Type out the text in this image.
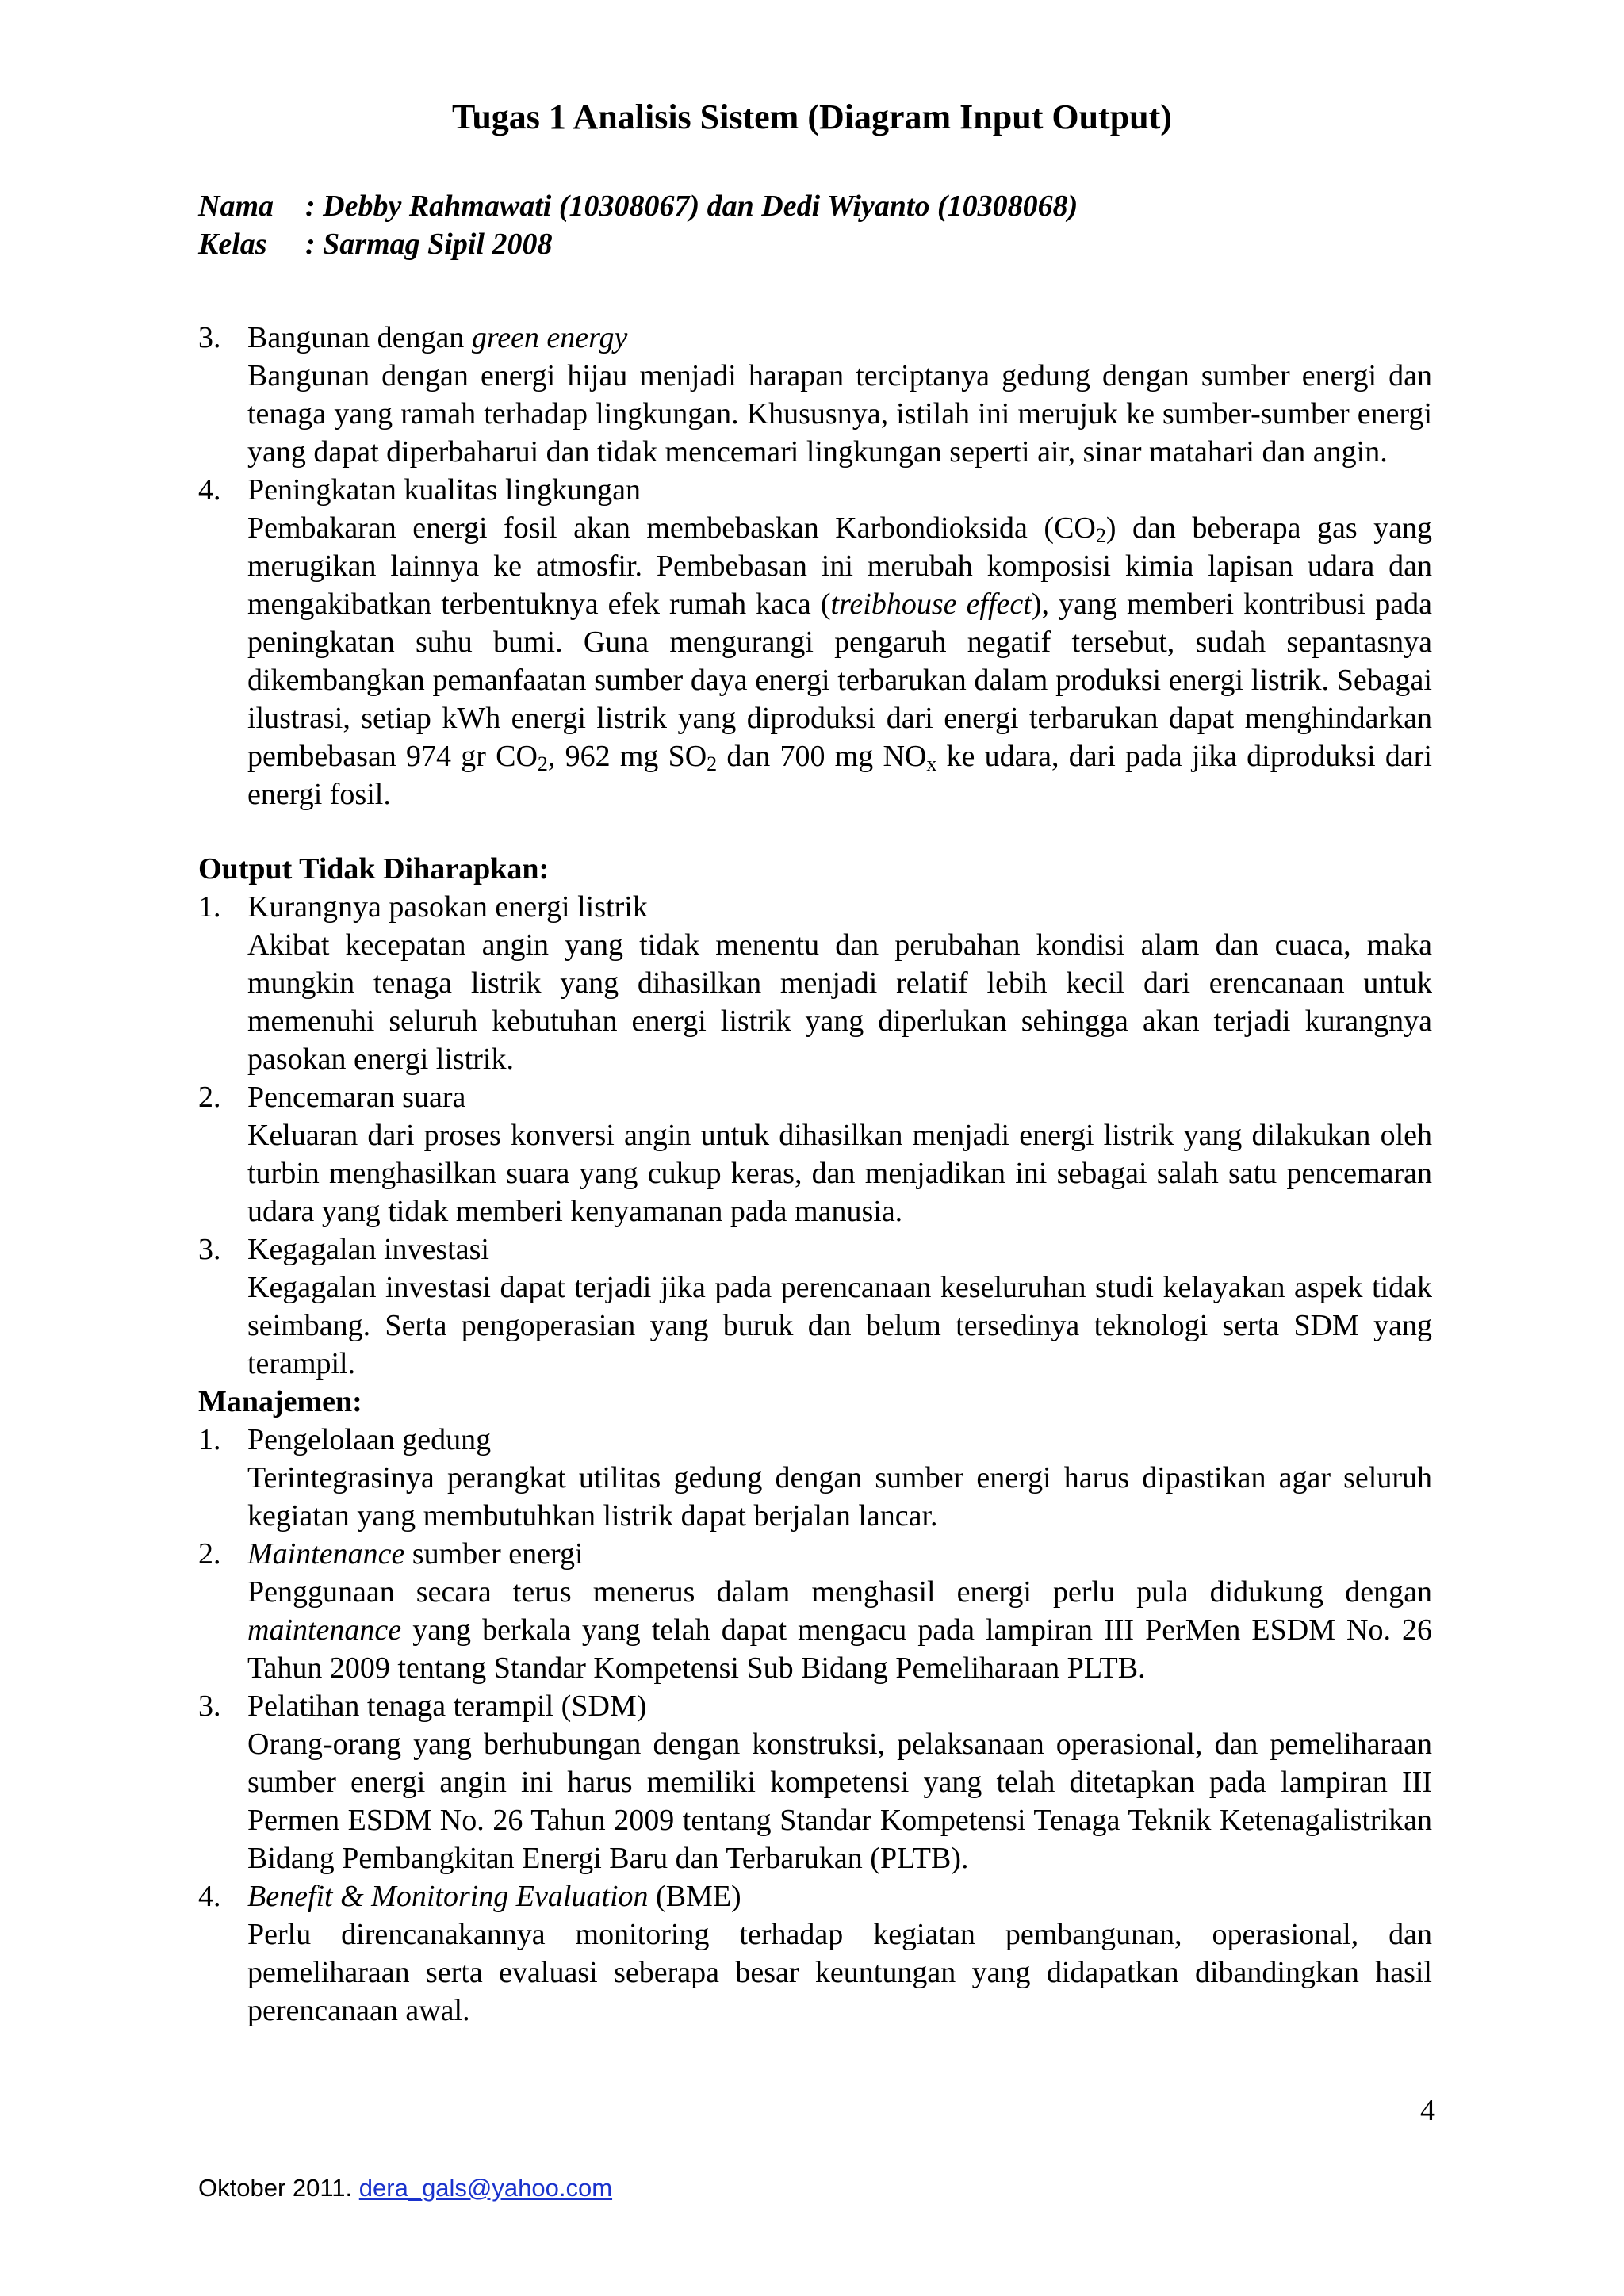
Tugas 1 Analisis Sistem (Diagram Input Output)
Nama : Debby Rahmawati (10308067) dan Dedi Wiyanto (10308068)
Kelas : Sarmag Sipil 2008
3. Bangunan dengan green energy
Bangunan dengan energi hijau menjadi harapan terciptanya gedung dengan sumber energi dan tenaga yang ramah terhadap lingkungan. Khususnya, istilah ini merujuk ke sumber-sumber energi yang dapat diperbaharui dan tidak mencemari lingkungan seperti air, sinar matahari dan angin.
4. Peningkatan kualitas lingkungan
Pembakaran energi fosil akan membebaskan Karbondioksida $(CO_2)$ dan beberapa gas yang merugikan lainnya ke atmosfir. Pembebasan ini merubah komposisi kimia lapisan udara dan mengakibatkan terbentuknya efek rumah kaca (treibhouse effect), yang memberi kontribusi pada peningkatan suhu bumi. Guna mengurangi pengaruh negatif tersebut, sudah sepantasnya dikembangkan pemanfaatan sumber daya energi terbarukan dalam produksi energi listrik. Sebagai ilustrasi, setiap kWh energi listrik yang diproduksi dari energi terbarukan dapat menghindarkan pembebasan 974 gr $CO_2$, 962 mg $SO_2$ dan 700 mg $NO_x$ ke udara, dari pada jika diproduksi dari energi fosil.
Output Tidak Diharapkan:
1. Kurangnya pasokan energi listrik
Akibat kecepatan angin yang tidak menentu dan perubahan kondisi alam dan cuaca, maka mungkin tenaga listrik yang dihasilkan menjadi relatif lebih kecil dari erencanaan untuk memenuhi seluruh kebutuhan energi listrik yang diperlukan sehingga akan terjadi kurangnya pasokan energi listrik.
2. Pencemaran suara
Keluaran dari proses konversi angin untuk dihasilkan menjadi energi listrik yang dilakukan oleh turbin menghasilkan suara yang cukup keras, dan menjadikan ini sebagai salah satu pencemaran udara yang tidak memberi kenyamanan pada manusia.
3. Kegagalan investasi
Kegagalan investasi dapat terjadi jika pada perencanaan keseluruhan studi kelayakan aspek tidak seimbang. Serta pengoperasian yang buruk dan belum tersedinya teknologi serta SDM yang terampil.
Manajemen:
1. Pengelolaan gedung
Terintegrasinya perangkat utilitas gedung dengan sumber energi harus dipastikan agar seluruh kegiatan yang membutuhkan listrik dapat berjalan lancar.
2. Maintenance sumber energi
Penggunaan secara terus menerus dalam menghasil energi perlu pula didukung dengan maintenance yang berkala yang telah dapat mengacu pada lampiran III PerMen ESDM No. 26 Tahun 2009 tentang Standar Kompetensi Sub Bidang Pemeliharaan PLTB.
3. Pelatihan tenaga terampil (SDM)
Orang-orang yang berhubungan dengan konstruksi, pelaksanaan operasional, dan pemeliharaan sumber energi angin ini harus memiliki kompetensi yang telah ditetapkan pada lampiran III Permen ESDM No. 26 Tahun 2009 tentang Standar Kompetensi Tenaga Teknik Ketenagalistrikan Bidang Pembangkitan Energi Baru dan Terbarukan (PLTB).
4. Benefit & Monitoring Evaluation (BME)
Perlu direncanakannya monitoring terhadap kegiatan pembangunan, operasional, dan pemeliharaan serta evaluasi seberapa besar keuntungan yang didapatkan dibandingkan hasil perencanaan awal.
4
Oktober 2011. dera_gals@yahoo.com
